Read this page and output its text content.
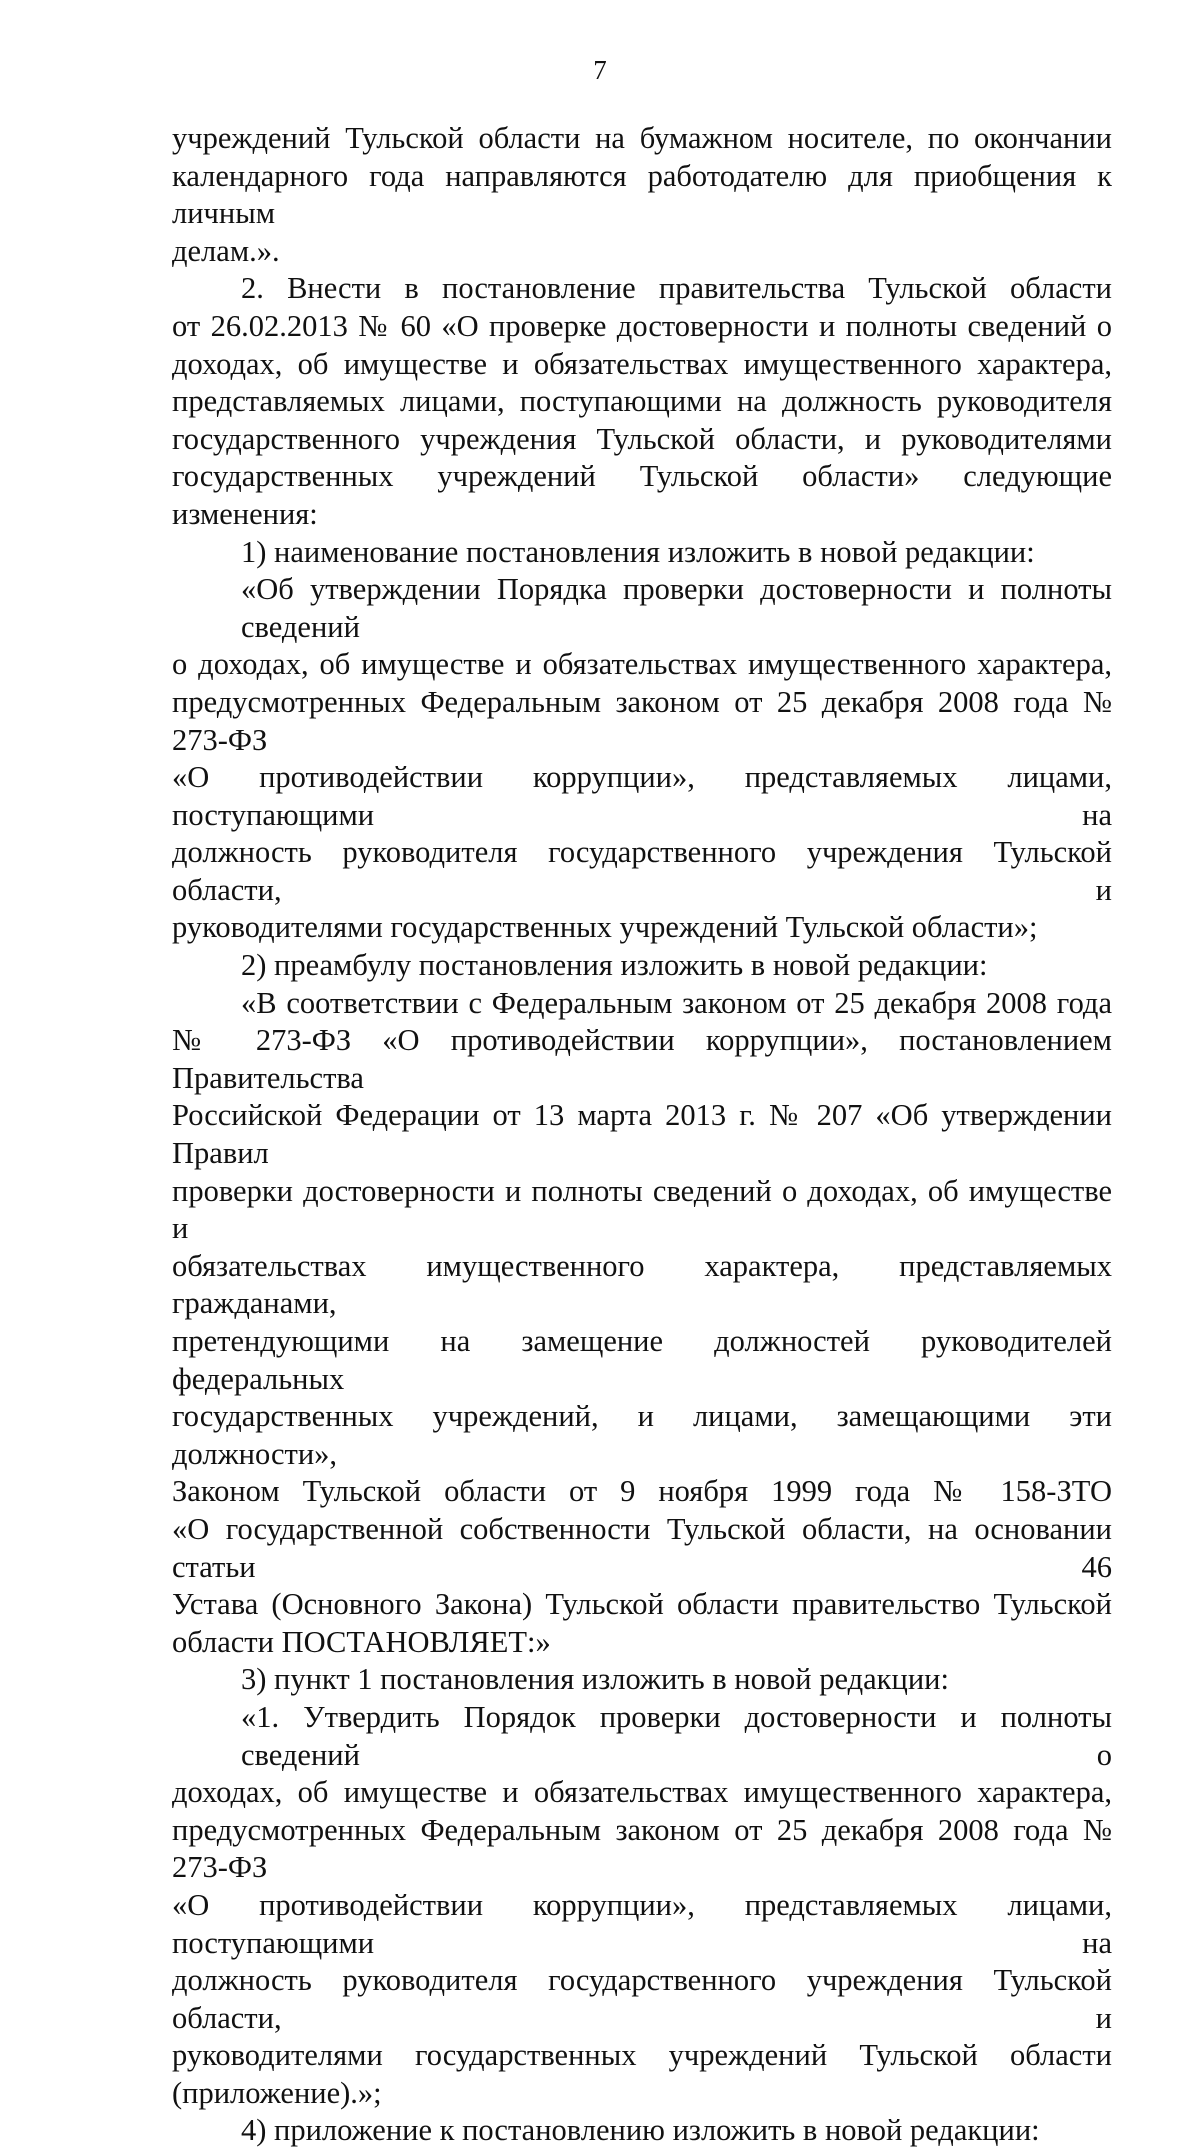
7
учреждений Тульской области на бумажном носителе, по окончании
календарного года направляются работодателю для приобщения к личным
делам.».
2. Внести в постановление правительства Тульской области
от 26.02.2013 № 60 «О проверке достоверности и полноты сведений о
доходах, об имуществе и обязательствах имущественного характера,
представляемых лицами, поступающими на должность руководителя
государственного учреждения Тульской области, и руководителями
государственных учреждений Тульской области» следующие изменения:
1) наименование постановления изложить в новой редакции:
«Об утверждении Порядка проверки достоверности и полноты сведений
о доходах, об имуществе и обязательствах имущественного характера,
предусмотренных Федеральным законом от 25 декабря 2008 года № 273-ФЗ
«О противодействии коррупции», представляемых лицами, поступающими на
должность руководителя государственного учреждения Тульской области, и
руководителями государственных учреждений Тульской области»;
2) преамбулу постановления изложить в новой редакции:
«В соответствии с Федеральным законом от 25 декабря 2008 года
№ 273-ФЗ «О противодействии коррупции», постановлением Правительства
Российской Федерации от 13 марта 2013 г. № 207 «Об утверждении Правил
проверки достоверности и полноты сведений о доходах, об имуществе и
обязательствах имущественного характера, представляемых гражданами,
претендующими на замещение должностей руководителей федеральных
государственных учреждений, и лицами, замещающими эти должности»,
Законом Тульской области от 9 ноября 1999 года № 158-ЗТО
«О государственной собственности Тульской области, на основании статьи 46
Устава (Основного Закона) Тульской области правительство Тульской
области ПОСТАНОВЛЯЕТ:»
3) пункт 1 постановления изложить в новой редакции:
«1. Утвердить Порядок проверки достоверности и полноты сведений о
доходах, об имуществе и обязательствах имущественного характера,
предусмотренных Федеральным законом от 25 декабря 2008 года № 273-ФЗ
«О противодействии коррупции», представляемых лицами, поступающими на
должность руководителя государственного учреждения Тульской области, и
руководителями государственных учреждений Тульской области
(приложение).»;
4) приложение к постановлению изложить в новой редакции:
